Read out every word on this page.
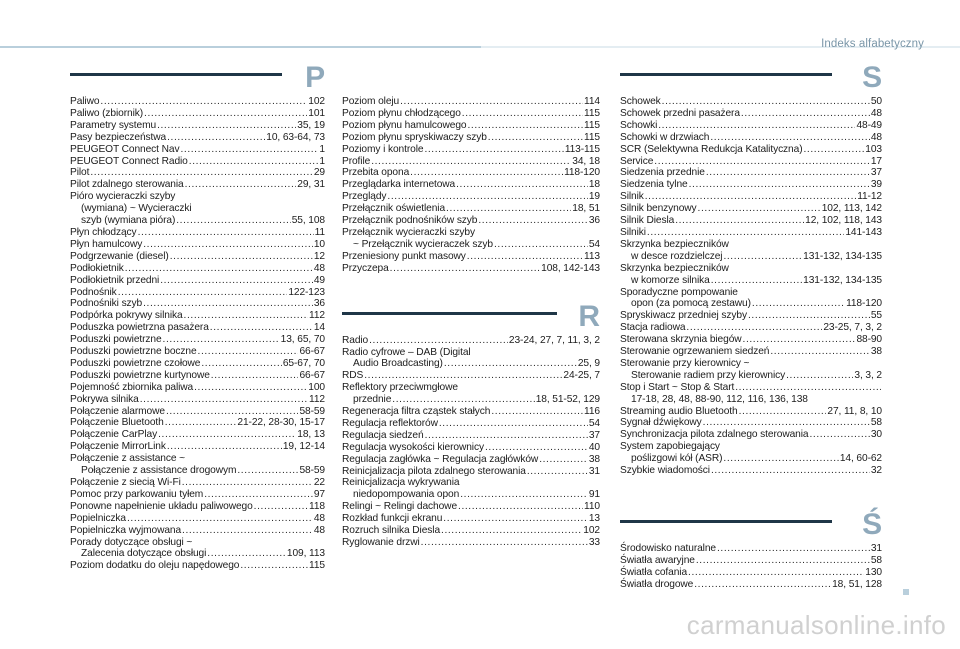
Indeks alfabetyczny
P
Paliwo .....	102
Paliwo (zbiornik) .....	101
Parametry systemu .....	35, 19
Pasy bezpieczeństwa .....	10, 63-64, 73
PEUGEOT Connect Nav .....	1
PEUGEOT Connect Radio .....	1
Pilot .....	29
Pilot zdalnego sterowania .....	29, 31
Pióro wycieraczki szyby
(wymiana) ~ Wycieraczki
szyb (wymiana pióra) .....	55, 108
Płyn chłodzący .....	11
Płyn hamulcowy .....	10
Podgrzewanie (diesel) .....	12
Podłokietnik .....	48
Podłokietnik przedni .....	49
Podnośnik .....	122-123
Podnośniki szyb .....	36
Podpórka pokrywy silnika .....	112
Poduszka powietrzna pasażera .....	14
Poduszki powietrzne .....	13, 65, 70
Poduszki powietrzne boczne .....	66-67
Poduszki powietrzne czołowe .....	65-67, 70
Poduszki powietrzne kurtynowe .....	66-67
Pojemność zbiornika paliwa .....	100
Pokrywa silnika .....	112
Połączenie alarmowe .....	58-59
Połączenie Bluetooth .....	21-22, 28-30, 15-17
Połączenie CarPlay .....	18, 13
Połączenie MirrorLink .....	19, 12-14
Połączenie z assistance ~
Połączenie z assistance drogowym .....	58-59
Połączenie z siecią Wi-Fi .....	22
Pomoc przy parkowaniu tyłem .....	97
Ponowne napełnienie układu paliwowego .....	118
Popielniczka .....	48
Popielniczka wyjmowana .....	48
Porady dotyczące obsługi ~
Zalecenia dotyczące obsługi .....	109, 113
Poziom dodatku do oleju napędowego .....	115
Poziom oleju .....	114
Poziom płynu chłodzącego .....	115
Poziom płynu hamulcowego .....	115
Poziom płynu spryskiwaczy szyb .....	115
Poziomy i kontrole .....	113-115
Profile .....	34, 18
Przebita opona .....	118-120
Przeglądarka internetowa .....	18
Przeglądy .....	19
Przełącznik oświetlenia .....	18, 51
Przełącznik podnośników szyb .....	36
Przełącznik wycieraczki szyby
~ Przełącznik wycieraczek szyb .....	54
Przeniesiony punkt masowy .....	113
Przyczepa .....	108, 142-143
R
Radio .....	23-24, 27, 7, 11, 3, 2
Radio cyfrowe – DAB (Digital
Audio Broadcasting) .....	25, 9
RDS .....	24-25, 7
Reflektory przeciwmgłowe
przednie .....	18, 51-52, 129
Regeneracja filtra cząstek stałych .....	116
Regulacja reflektorów .....	54
Regulacja siedzeń .....	37
Regulacja wysokości kierownicy .....	40
Regulacja zagłówka ~ Regulacja zagłówków .....	38
Reinicjalizacja pilota zdalnego sterowania .....	31
Reinicjalizacja wykrywania
niedopompowania opon .....	91
Relingi ~ Relingi dachowe .....	110
Rozkład funkcji ekranu .....	13
Rozruch silnika Diesla .....	102
Ryglowanie drzwi .....	33
S
Schowek .....	50
Schowek przedni pasażera .....	48
Schowki .....	48-49
Schowki w drzwiach .....	48
SCR (Selektywna Redukcja Katalityczna) .....	103
Service .....	17
Siedzenia przednie .....	37
Siedzenia tylne .....	39
Silnik .....	11-12
Silnik benzynowy .....	102, 113, 142
Silnik Diesla .....	12, 102, 118, 143
Silniki .....	141-143
Skrzynka bezpieczników
w desce rozdzielczej .....	131-132, 134-135
Skrzynka bezpieczników
w komorze silnika .....	131-132, 134-135
Sporadyczne pompowanie
opon (za pomocą zestawu) .....	118-120
Spryskiwacz przedniej szyby .....	55
Stacja radiowa .....	23-25, 7, 3, 2
Sterowana skrzynia biegów .....	88-90
Sterowanie ogrzewaniem siedzeń .....	38
Sterowanie przy kierownicy ~
Sterowanie radiem przy kierownicy .....	3, 3, 2
Stop i Start ~ Stop & Start
.....
17-18, 28, 48, 88-90, 112, 116, 136, 138
Streaming audio Bluetooth .....	27, 11, 8, 10
Sygnał dźwiękowy .....	58
Synchronizacja pilota zdalnego sterowania .....	30
System zapobiegający
poślizgowi kół (ASR) .....	14, 60-62
Szybkie wiadomości .....	32
Ś
Środowisko naturalne .....	31
Światła awaryjne .....	58
Światła cofania .....	130
Światła drogowe .....	18, 51, 128
carmanualsonline.info
